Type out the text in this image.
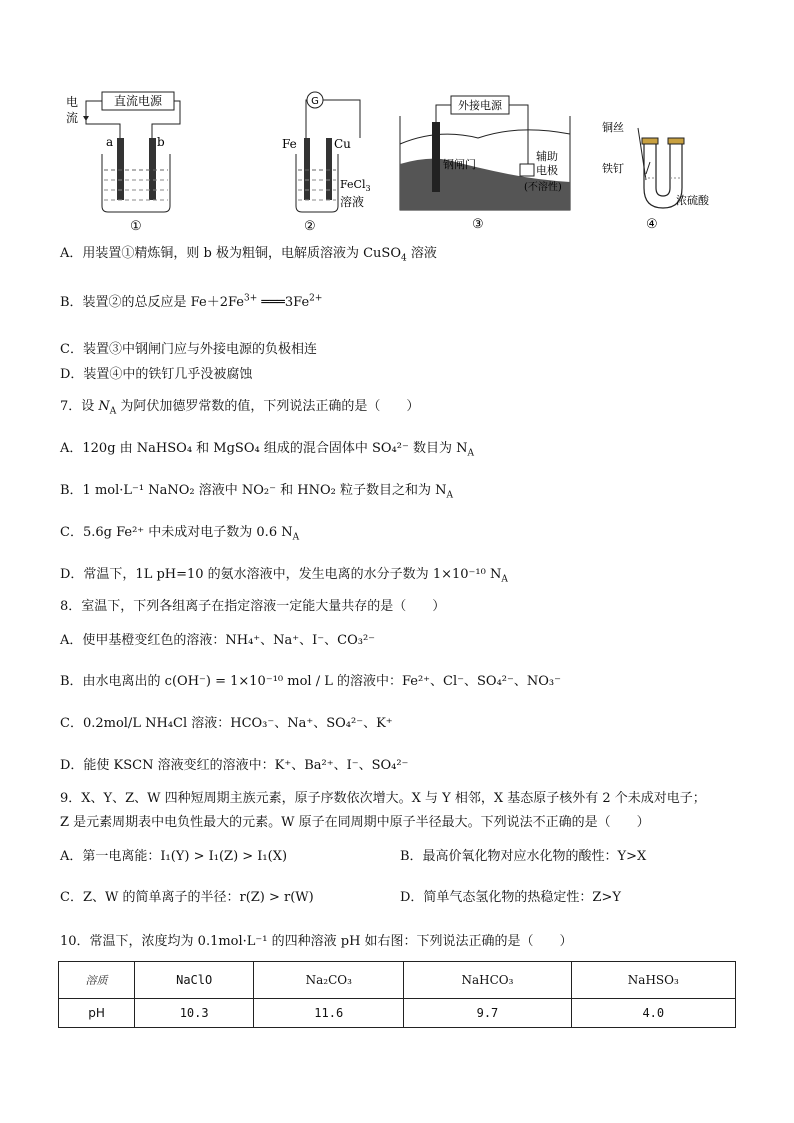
直流电源
电
流
a	b
①
G
Fe	Cu
FeCl$_3$
溶液
②
外接电源
钢闸门
辅助
电极
(不溶性)
③
铜丝
铁钉
浓硫酸
④
A．用装置①精炼铜，则 b 极为粗铜，电解质溶液为 CuSO$_4$ 溶液
B．装置②的总反应是 $Fe+2Fe^{3+}$ $═══3Fe^{2+}$
C．装置③中钢闸门应与外接电源的负极相连
D．装置④中的铁钉几乎没被腐蚀
7．设 $N_A$ 为阿伏加德罗常数的值，下列说法正确的是（　　）
A．120g 由 NaHSO₄ 和 MgSO₄ 组成的混合固体中 SO₄²⁻ 数目为 $N_A$
B．1 mol·L⁻¹ NaNO₂ 溶液中 NO₂⁻ 和 HNO₂ 粒子数目之和为 $N_A$
C．5.6g Fe²⁺ 中未成对电子数为 0.6 $N_A$
D．常温下，1L pH=10 的氨水溶液中，发生电离的水分子数为 1×10⁻¹⁰ $N_A$
8．室温下，下列各组离子在指定溶液一定能大量共存的是（　　）
A．使甲基橙变红色的溶液：NH₄⁺、Na⁺、I⁻、CO₃²⁻
B．由水电离出的 c(OH⁻) = 1×10⁻¹⁰ mol / L 的溶液中：Fe²⁺、Cl⁻、SO₄²⁻、NO₃⁻
C．0.2mol/L NH₄Cl 溶液：HCO₃⁻、Na⁺、SO₄²⁻、K⁺
D．能使 KSCN 溶液变红的溶液中：K⁺、Ba²⁺、I⁻、SO₄²⁻
9．X、Y、Z、W 四种短周期主族元素，原子序数依次增大。X 与 Y 相邻，X 基态原子核外有 2 个未成对电子；
Z 是元素周期表中电负性最大的元素。W 原子在同周期中原子半径最大。下列说法不正确的是（　　）
A．第一电离能：I₁(Y) > I₁(Z) > I₁(X)	B．最高价氧化物对应水化物的酸性：Y>X
C．Z、W 的简单离子的半径：r(Z) > r(W)	D．简单气态氢化物的热稳定性：Z>Y
10．常温下，浓度均为 0.1mol·L⁻¹ 的四种溶液 pH 如右图：下列说法正确的是（　　）
溶质	NaClO	Na₂CO₃	NaHCO₃	NaHSO₃
pH	10.3	11.6	9.7	4.0
